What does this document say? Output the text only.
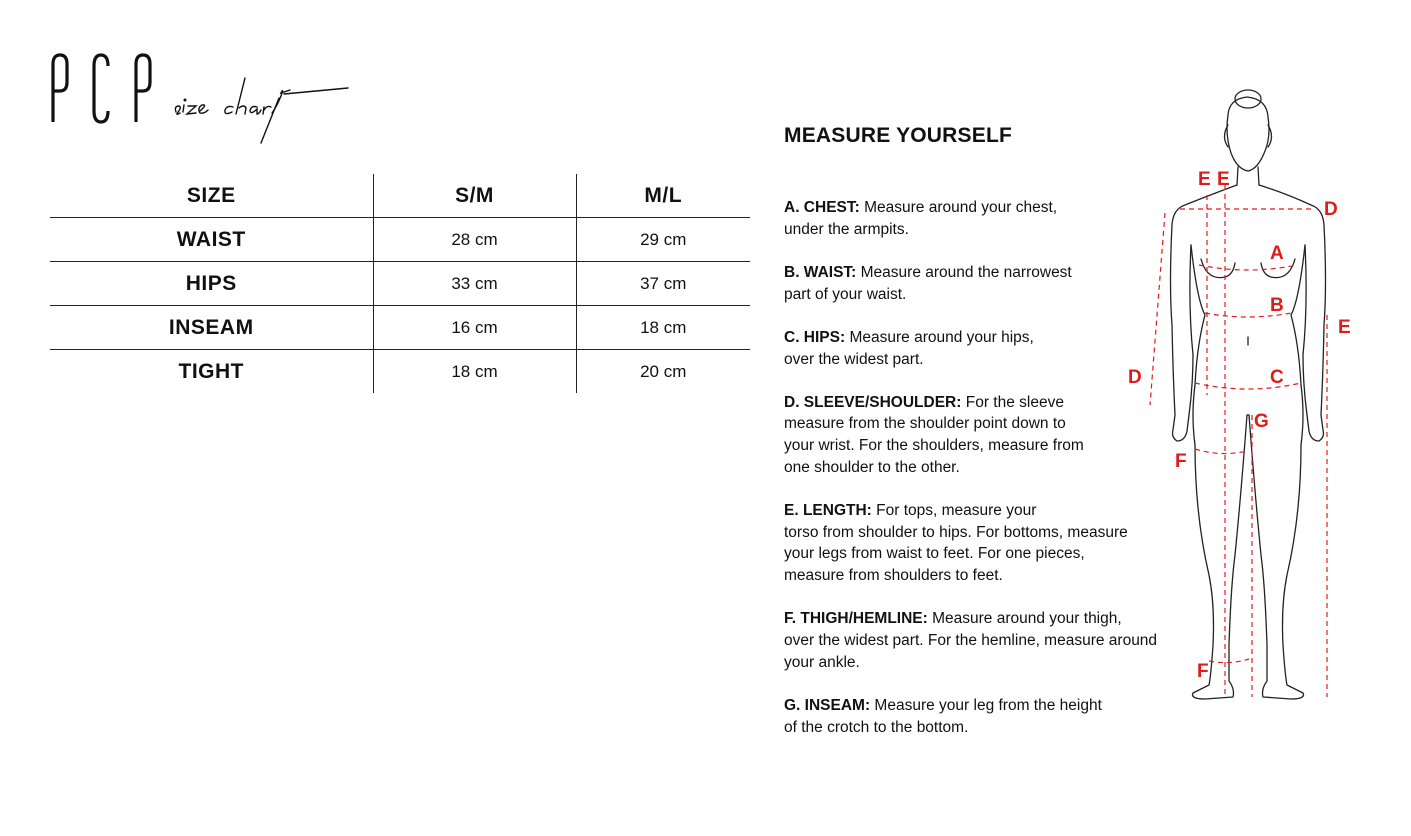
SIZE	S/M	M/L
WAIST	28 cm	29 cm
HIPS	33 cm	37 cm
INSEAM	16 cm	18 cm
TIGHT	18 cm	20 cm
MEASURE YOURSELF

A. CHEST: Measure around your chest,
under the armpits.

B. WAIST: Measure around the narrowest
part of your waist.

C. HIPS: Measure around your hips,
over the widest part.

D. SLEEVE/SHOULDER: For the sleeve
measure from the shoulder point down to
your wrist. For the shoulders, measure from
one shoulder to the other.

E. LENGTH: For tops, measure your
torso from shoulder to hips. For bottoms, measure
your legs from waist to feet. For one pieces,
measure from shoulders to feet.

F. THIGH/HEMLINE: Measure around your thigh,
over the widest part. For the hemline, measure around
your ankle.

G. INSEAM: Measure your leg from the height
of the crotch to the bottom.

E E
D
A
B
E
D	C
G
F
F
